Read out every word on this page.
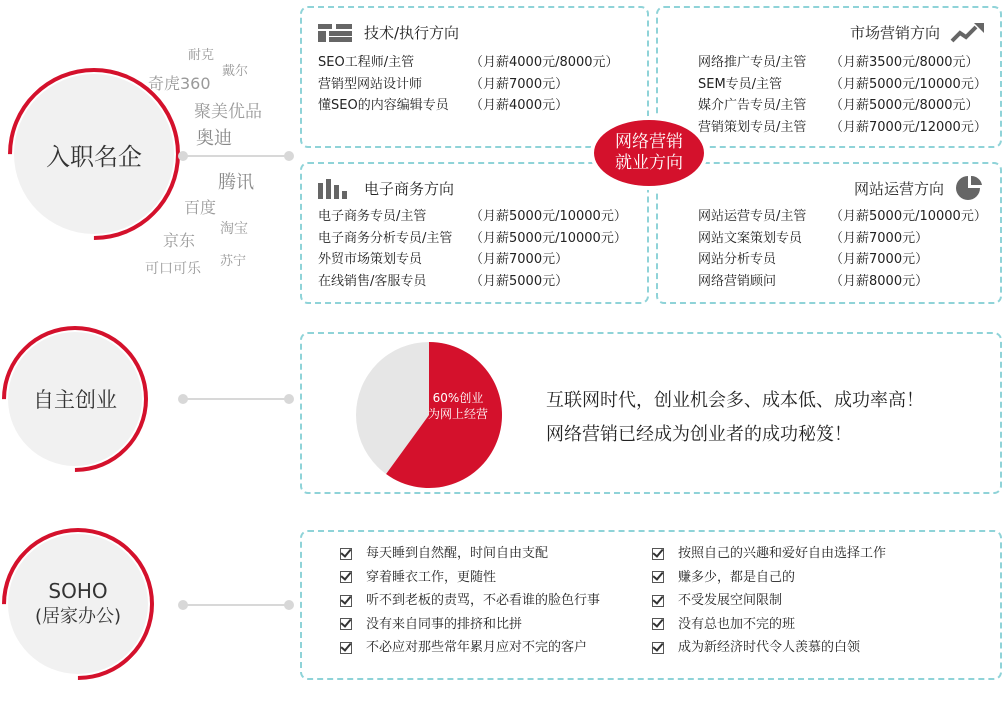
入职名企
耐克
戴尔
奇虎360
聚美优品
奥迪
腾讯
百度
淘宝
京东
苏宁
可口可乐
技术/执行方向
SEO工程师/主管	（月薪4000元/8000元）
营销型网站设计师	（月薪7000元）
懂SEO的内容编辑专员	（月薪4000元）
市场营销方向
网络推广专员/主管	（月薪3500元/8000元）
SEM专员/主管	（月薪5000元/10000元）
媒介广告专员/主管	（月薪5000元/8000元）
营销策划专员/主管	（月薪7000元/12000元）
电子商务方向
电子商务专员/主管	（月薪5000元/10000元）
电子商务分析专员/主管	（月薪5000元/10000元）
外贸市场策划专员	（月薪7000元）
在线销售/客服专员	（月薪5000元）
网站运营方向
网站运营专员/主管	（月薪5000元/10000元）
网站文案策划专员	（月薪7000元）
网站分析专员	（月薪7000元）
网络营销顾问	（月薪8000元）
网络营销
就业方向
自主创业	60%创业
为网上经营
互联网时代，创业机会多、成本低、成功率高！
网络营销已经成为创业者的成功秘笈！
SOHO
(居家办公)
每天睡到自然醒，时间自由支配
穿着睡衣工作，更随性
听不到老板的责骂，不必看谁的脸色行事
没有来自同事的排挤和比拼
不必应对那些常年累月应对不完的客户
按照自己的兴趣和爱好自由选择工作
赚多少，都是自己的
不受发展空间限制
没有总也加不完的班
成为新经济时代令人羡慕的白领
